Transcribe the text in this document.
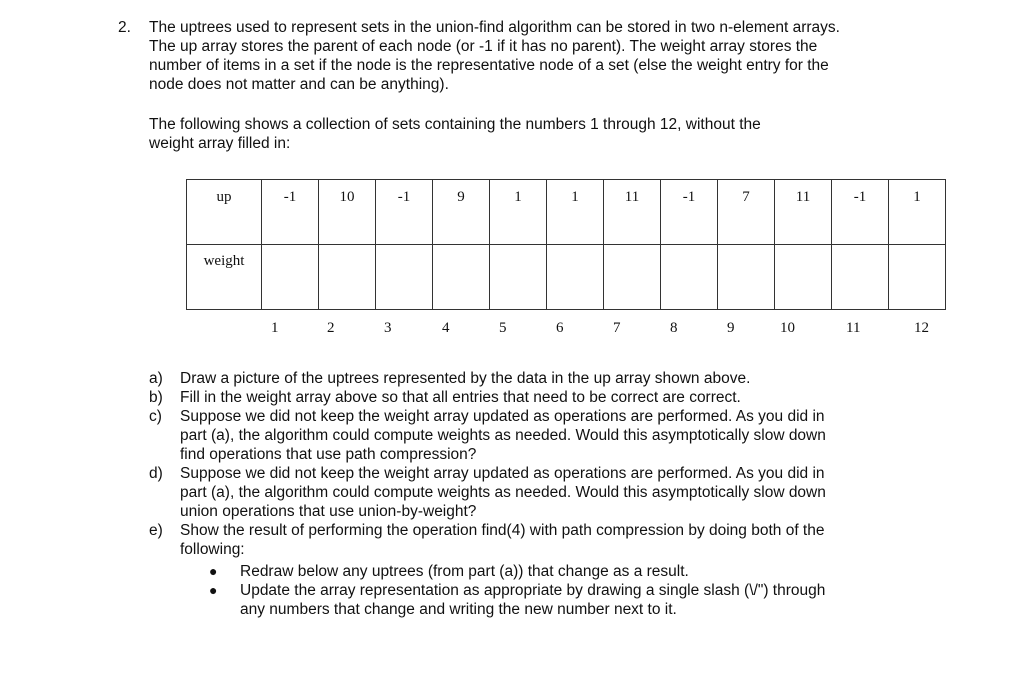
2. The uptrees used to represent sets in the union-find algorithm can be stored in two n-element arrays.
The up array stores the parent of each node (or -1 if it has no parent). The weight array stores the
number of items in a set if the node is the representative node of a set (else the weight entry for the
node does not matter and can be anything).
The following shows a collection of sets containing the numbers 1 through 12, without the
weight array filled in:
up	-1	10	-1	9	1	1	11	-1	7	11	-1	1

weight												

1	2	3	4	5	6	7	8	9	10	11	12
a)	Draw a picture of the uptrees represented by the data in the up array shown above.
b)	Fill in the weight array above so that all entries that need to be correct are correct.
c)	Suppose we did not keep the weight array updated as operations are performed. As you did in
part (a), the algorithm could compute weights as needed. Would this asymptotically slow down
find operations that use path compression?
d)	Suppose we did not keep the weight array updated as operations are performed. As you did in
part (a), the algorithm could compute weights as needed. Would this asymptotically slow down
union operations that use union-by-weight?
e)	Show the result of performing the operation find(4) with path compression by doing both of the
following:
●	Redraw below any uptrees (from part (a)) that change as a result.
●	Update the array representation as appropriate by drawing a single slash (\/") through
any numbers that change and writing the new number next to it.
